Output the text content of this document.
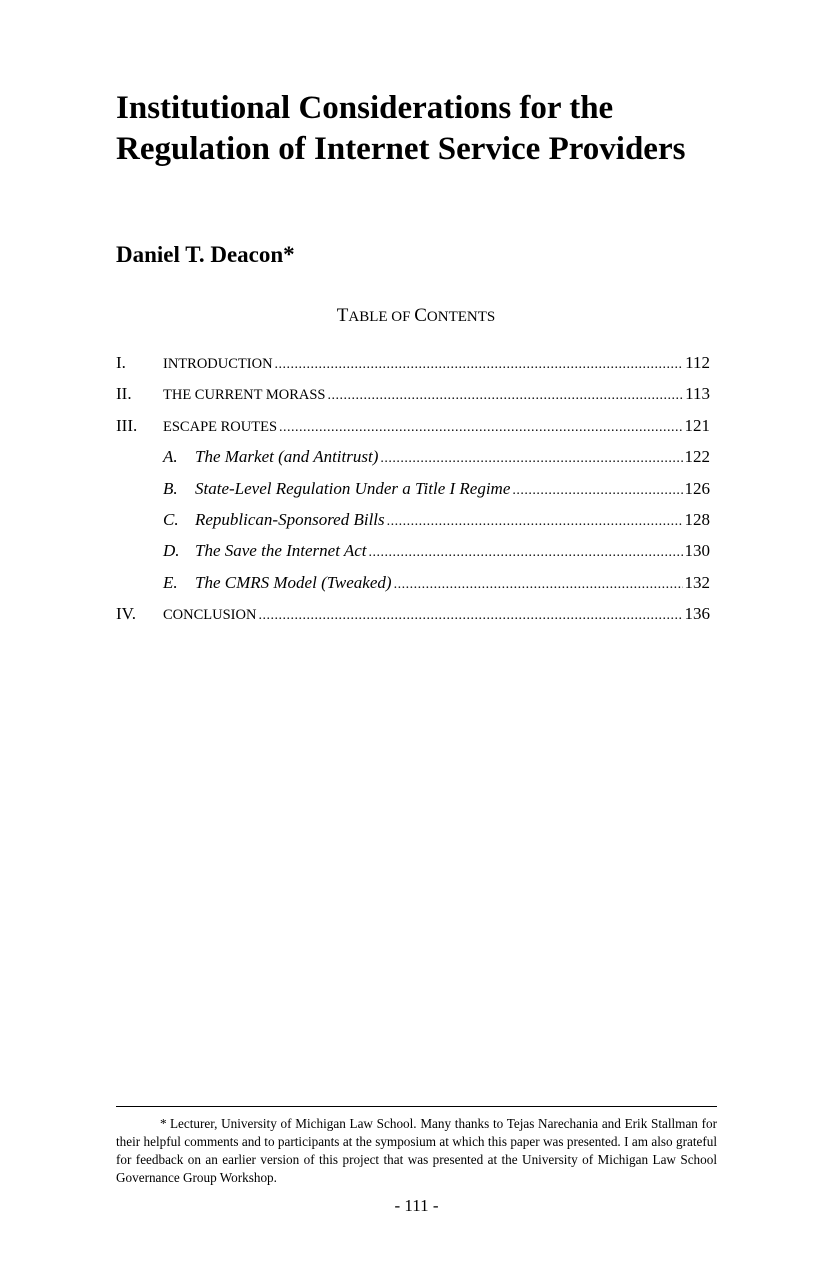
Institutional Considerations for the Regulation of Internet Service Providers

Daniel T. Deacon*

TABLE OF CONTENTS

I.	INTRODUCTION .....	112
II.	THE CURRENT MORASS .....	113
III.	ESCAPE ROUTES .....	121
A.	The Market (and Antitrust) .....	122
B.	State-Level Regulation Under a Title I Regime .....	126
C. Republican-Sponsored Bills .....	128
D. The Save the Internet Act .....	130
E.	The CMRS Model (Tweaked) .....	132
IV.	CONCLUSION .....	136

* Lecturer, University of Michigan Law School. Many thanks to Tejas Narechania and Erik Stallman for their helpful comments and to participants at the symposium at which this paper was presented. I am also grateful for feedback on an earlier version of this project that was presented at the University of Michigan Law School Governance Group Workshop.

- 111 -
